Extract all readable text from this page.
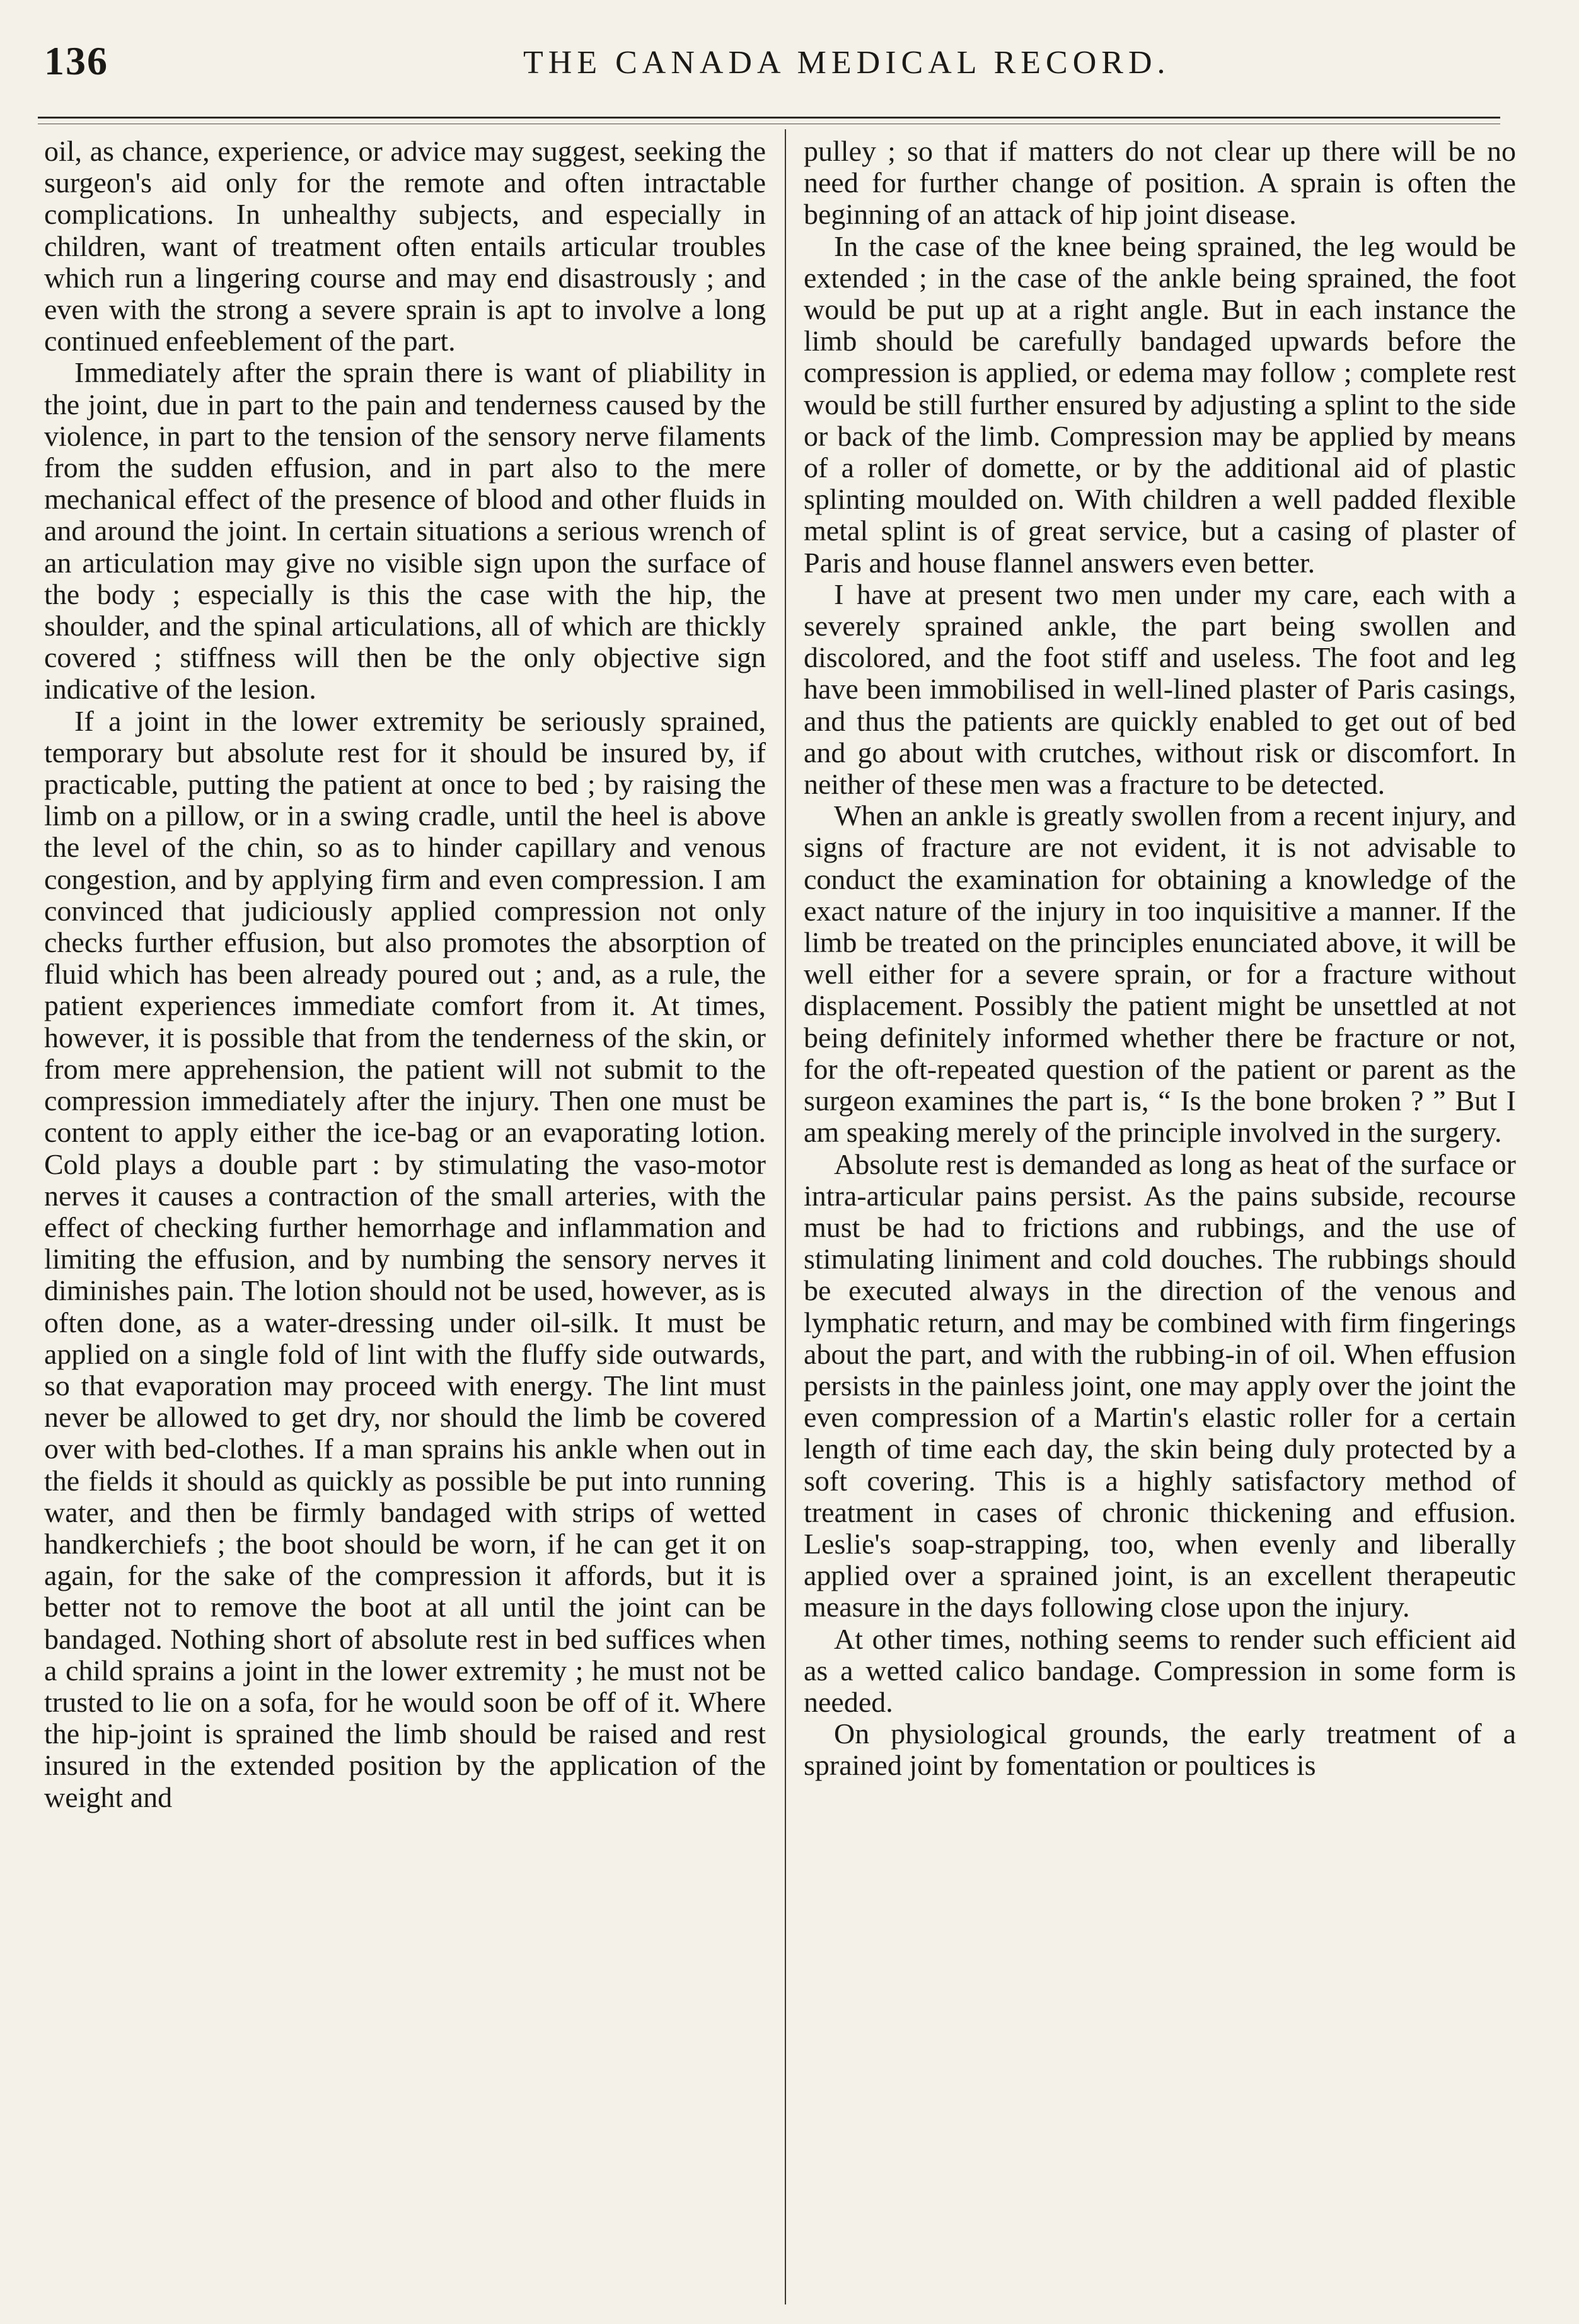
136	THE CANADA MEDICAL RECORD.

oil, as chance, experience, or advice may suggest, seeking the surgeon's aid only for the remote and often intractable complications. In unhealthy subjects, and especially in children, want of treatment often entails articular troubles which run a lingering course and may end disastrously ; and even with the strong a severe sprain is apt to involve a long continued enfeeblement of the part.

Immediately after the sprain there is want of pliability in the joint, due in part to the pain and tenderness caused by the violence, in part to the tension of the sensory nerve filaments from the sudden effusion, and in part also to the mere mechanical effect of the presence of blood and other fluids in and around the joint. In certain situations a serious wrench of an articulation may give no visible sign upon the surface of the body ; especially is this the case with the hip, the shoulder, and the spinal articulations, all of which are thickly covered ; stiffness will then be the only objective sign indicative of the lesion.

If a joint in the lower extremity be seriously sprained, temporary but absolute rest for it should be insured by, if practicable, putting the patient at once to bed ; by raising the limb on a pillow, or in a swing cradle, until the heel is above the level of the chin, so as to hinder capillary and venous congestion, and by applying firm and even compression. I am convinced that judiciously applied compression not only checks further effusion, but also promotes the absorption of fluid which has been already poured out ; and, as a rule, the patient experiences immediate comfort from it. At times, however, it is possible that from the tenderness of the skin, or from mere apprehension, the patient will not submit to the compression immediately after the injury. Then one must be content to apply either the ice-bag or an evaporating lotion. Cold plays a double part : by stimulating the vaso-motor nerves it causes a contraction of the small arteries, with the effect of checking further hemorrhage and inflammation and limiting the effusion, and by numbing the sensory nerves it diminishes pain. The lotion should not be used, however, as is often done, as a water-dressing under oil-silk. It must be applied on a single fold of lint with the fluffy side outwards, so that evaporation may proceed with energy. The lint must never be allowed to get dry, nor should the limb be covered over with bed-clothes. If a man sprains his ankle when out in the fields it should as quickly as possible be put into running water, and then be firmly bandaged with strips of wetted handkerchiefs ; the boot should be worn, if he can get it on again, for the sake of the compression it affords, but it is better not to remove the boot at all until the joint can be bandaged. Nothing short of absolute rest in bed suffices when a child sprains a joint in the lower extremity ; he must not be trusted to lie on a sofa, for he would soon be off of it. Where the hip-joint is sprained the limb should be raised and rest insured in the extended position by the application of the weight and

pulley ; so that if matters do not clear up there will be no need for further change of position. A sprain is often the beginning of an attack of hip joint disease.

In the case of the knee being sprained, the leg would be extended ; in the case of the ankle being sprained, the foot would be put up at a right angle. But in each instance the limb should be carefully bandaged upwards before the compression is applied, or edema may follow ; complete rest would be still further ensured by adjusting a splint to the side or back of the limb. Compression may be applied by means of a roller of domette, or by the additional aid of plastic splinting moulded on. With children a well padded flexible metal splint is of great service, but a casing of plaster of Paris and house flannel answers even better.

I have at present two men under my care, each with a severely sprained ankle, the part being swollen and discolored, and the foot stiff and useless. The foot and leg have been immobilised in well-lined plaster of Paris casings, and thus the patients are quickly enabled to get out of bed and go about with crutches, without risk or discomfort. In neither of these men was a fracture to be detected.

When an ankle is greatly swollen from a recent injury, and signs of fracture are not evident, it is not advisable to conduct the examination for obtaining a knowledge of the exact nature of the injury in too inquisitive a manner. If the limb be treated on the principles enunciated above, it will be well either for a severe sprain, or for a fracture without displacement. Possibly the patient might be unsettled at not being definitely informed whether there be fracture or not, for the oft-repeated question of the patient or parent as the surgeon examines the part is, “ Is the bone broken ? ” But I am speaking merely of the principle involved in the surgery.

Absolute rest is demanded as long as heat of the surface or intra-articular pains persist. As the pains subside, recourse must be had to frictions and rubbings, and the use of stimulating liniment and cold douches. The rubbings should be executed always in the direction of the venous and lymphatic return, and may be combined with firm fingerings about the part, and with the rubbing-in of oil. When effusion persists in the painless joint, one may apply over the joint the even compression of a Martin's elastic roller for a certain length of time each day, the skin being duly protected by a soft covering. This is a highly satisfactory method of treatment in cases of chronic thickening and effusion. Leslie's soap-strapping, too, when evenly and liberally applied over a sprained joint, is an excellent therapeutic measure in the days following close upon the injury.

At other times, nothing seems to render such efficient aid as a wetted calico bandage. Compression in some form is needed.

On physiological grounds, the early treatment of a sprained joint by fomentation or poultices is
